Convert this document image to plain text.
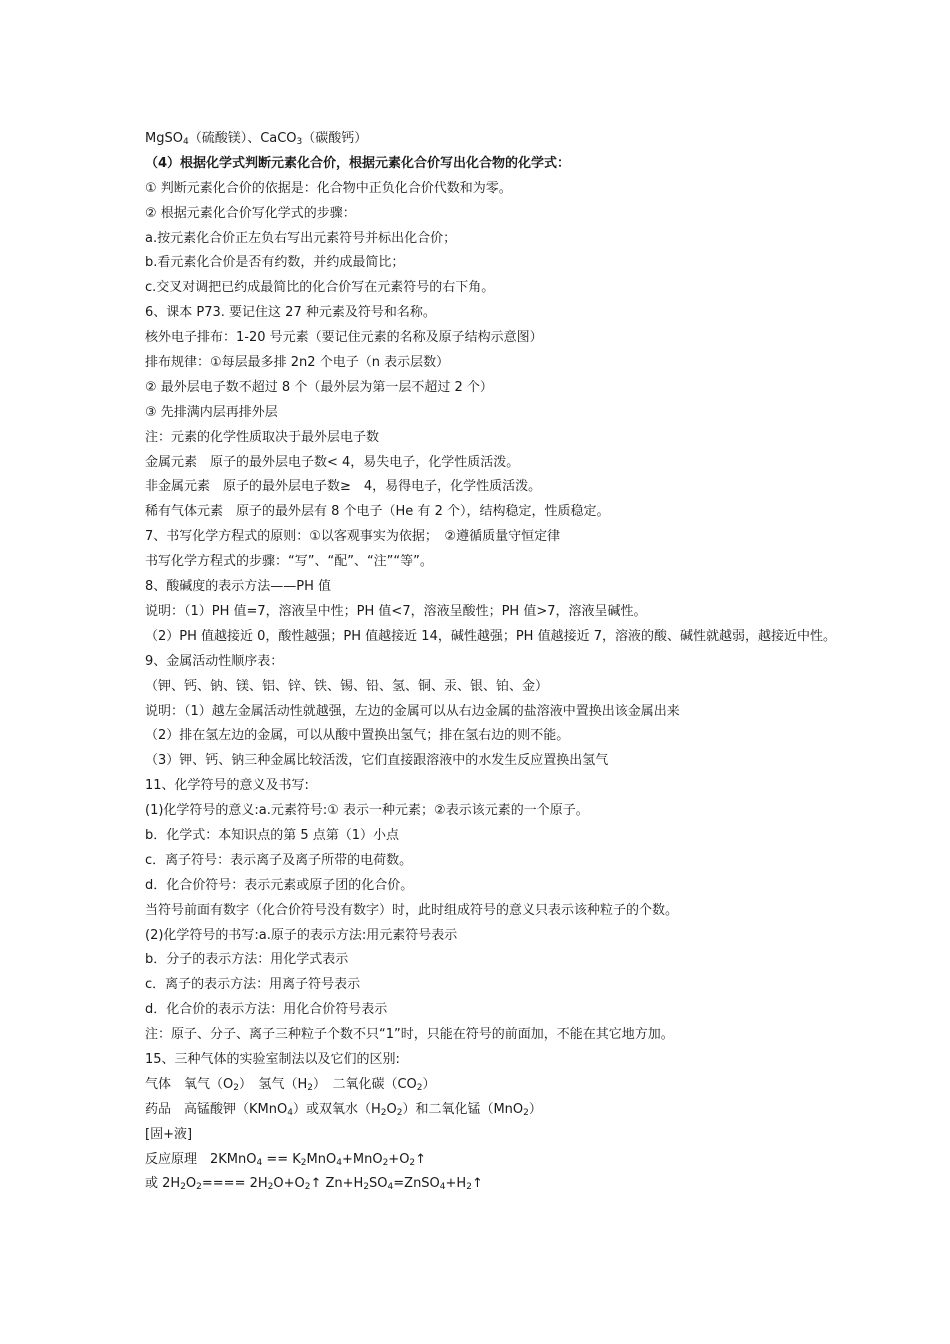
MgSO$_4$（硫酸镁）、CaCO$_3$（碳酸钙）
（4）根据化学式判断元素化合价，根据元素化合价写出化合物的化学式：
① 判断元素化合价的依据是：化合物中正负化合价代数和为零。
② 根据元素化合价写化学式的步骤：
a.按元素化合价正左负右写出元素符号并标出化合价；
b.看元素化合价是否有约数，并约成最简比；
c.交叉对调把已约成最简比的化合价写在元素符号的右下角。
6、课本 P73. 要记住这 27 种元素及符号和名称。
核外电子排布：1-20 号元素（要记住元素的名称及原子结构示意图）
排布规律：①每层最多排 2n2 个电子（n 表示层数）
② 最外层电子数不超过 8 个（最外层为第一层不超过 2 个）
③ 先排满内层再排外层
注：元素的化学性质取决于最外层电子数
金属元素　原子的最外层电子数< 4，易失电子，化学性质活泼。
非金属元素　原子的最外层电子数≥　4，易得电子，化学性质活泼。
稀有气体元素　原子的最外层有 8 个电子（He 有 2 个），结构稳定，性质稳定。
7、书写化学方程式的原则：①以客观事实为依据；　②遵循质量守恒定律
书写化学方程式的步骤：“写”、“配”、“注”“等”。
8、酸碱度的表示方法——PH 值
说明：（1）PH 值=7，溶液呈中性；PH 值<7，溶液呈酸性；PH 值>7，溶液呈碱性。
（2）PH 值越接近 0，酸性越强；PH 值越接近 14，碱性越强；PH 值越接近 7，溶液的酸、碱性就越弱，越接近中性。
9、金属活动性顺序表：
（钾、钙、钠、镁、铝、锌、铁、锡、铅、氢、铜、汞、银、铂、金）
说明：（1）越左金属活动性就越强，左边的金属可以从右边金属的盐溶液中置换出该金属出来
（2）排在氢左边的金属，可以从酸中置换出氢气；排在氢右边的则不能。
（3）钾、钙、钠三种金属比较活泼，它们直接跟溶液中的水发生反应置换出氢气
11、化学符号的意义及书写:
(1)化学符号的意义:a.元素符号:① 表示一种元素；②表示该元素的一个原子。
b．化学式：本知识点的第 5 点第（1）小点
c．离子符号：表示离子及离子所带的电荷数。
d．化合价符号：表示元素或原子团的化合价。
当符号前面有数字（化合价符号没有数字）时，此时组成符号的意义只表示该种粒子的个数。
(2)化学符号的书写:a.原子的表示方法:用元素符号表示
b．分子的表示方法：用化学式表示
c．离子的表示方法：用离子符号表示
d．化合价的表示方法：用化合价符号表示
注：原子、分子、离子三种粒子个数不只“1”时，只能在符号的前面加，不能在其它地方加。
15、三种气体的实验室制法以及它们的区别:
气体　氧气$(O_2)$　氢气$(H_2)$　二氧化碳$(CO_2)$
药品　高锰酸钾（KMnO$_4$）或双氧水$(H_2O_2)$和二氧化锰（MnO$_2$）
[固+液]
反应原理　2KMnO$_4$ == $K_2MnO_4+MnO_2+O_2↑$
或 $2H_2O_2====$ $2H_2O+O_2↑$ $Zn+H_2SO_4=ZnSO_4+H_2↑$
